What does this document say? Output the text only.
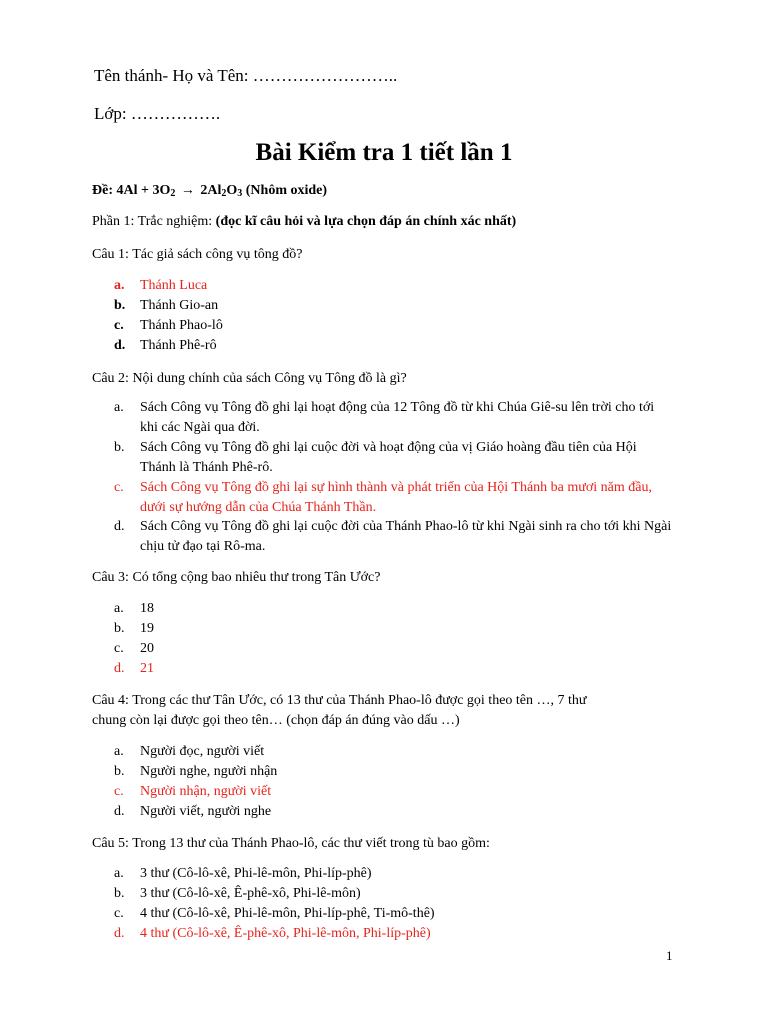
Tên thánh- Họ và Tên: ……………………..
Lớp: …………….
Bài Kiểm tra 1 tiết lần 1
Đề: $4Al + 3O_2 \to 2Al_2O_3$ (Nhôm oxide)
Phần 1: Trắc nghiệm: (đọc kĩ câu hỏi và lựa chọn đáp án chính xác nhất)
Câu 1: Tác giả sách công vụ tông đồ?
a.	Thánh Luca
b.	Thánh Gio-an
c.	Thánh Phao-lô
d.	Thánh Phê-rô
Câu 2: Nội dung chính của sách Công vụ Tông đồ là gì?
a.	Sách Công vụ Tông đồ ghi lại hoạt động của 12 Tông đồ từ khi Chúa Giê-su lên trời cho tới khi các Ngài qua đời.
b.	Sách Công vụ Tông đồ ghi lại cuộc đời và hoạt động của vị Giáo hoàng đầu tiên của Hội Thánh là Thánh Phê-rô.
c.	Sách Công vụ Tông đồ ghi lại sự hình thành và phát triển của Hội Thánh ba mươi năm đầu, dưới sự hướng dẫn của Chúa Thánh Thần.
d.	Sách Công vụ Tông đồ ghi lại cuộc đời của Thánh Phao-lô từ khi Ngài sinh ra cho tới khi Ngài chịu tử đạo tại Rô-ma.
Câu 3: Có tổng cộng bao nhiêu thư trong Tân Ước?
a.	18
b.	19
c.	20
d.	21
Câu 4: Trong các thư Tân Ước, có 13 thư của Thánh Phao-lô được gọi theo tên …, 7 thư
chung còn lại được gọi theo tên… (chọn đáp án đúng vào dấu …)
a.	Người đọc, người viết
b.	Người nghe, người nhận
c.	Người nhận, người viết
d.	Người viết, người nghe
Câu 5: Trong 13 thư của Thánh Phao-lô, các thư viết trong tù bao gồm:
a.	3 thư (Cô-lô-xê, Phi-lê-môn, Phi-líp-phê)
b.	3 thư (Cô-lô-xê, Ê-phê-xô, Phi-lê-môn)
c.	4 thư (Cô-lô-xê, Phi-lê-môn, Phi-líp-phê, Ti-mô-thê)
d.	4 thư (Cô-lô-xê, Ê-phê-xô, Phi-lê-môn, Phi-líp-phê)
1
